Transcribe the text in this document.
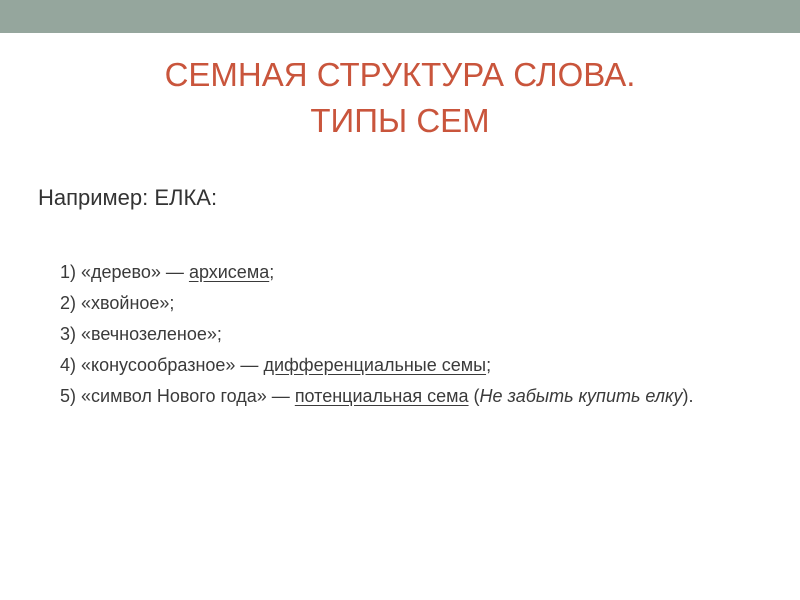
СЕМНАЯ СТРУКТУРА СЛОВА.
ТИПЫ СЕМ

Например: ЕЛКА:

1) «дерево» — архисема;
2) «хвойное»;
3) «вечнозеленое»;
4) «конусообразное» — дифференциальные семы;
5) «символ Нового года» — потенциальная сема (Не забыть купить елку).
